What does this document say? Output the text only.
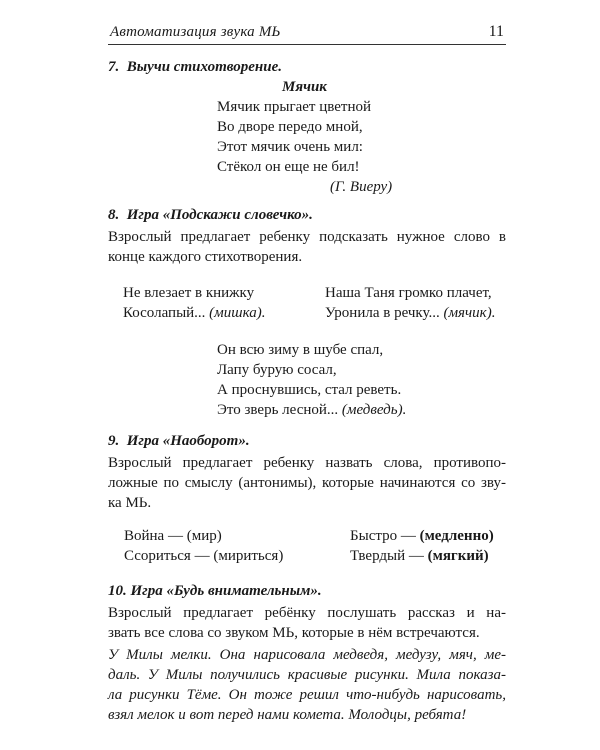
Автоматизация звука МЬ	11
7. Выучи стихотворение.
Мячик
Мячик прыгает цветной
Во дворе передо мной,
Этот мячик очень мил:
Стёкол он еще не бил!
(Г. Виеру)
8. Игра «Подскажи словечко».
Взрослый предлагает ребенку подсказать нужное слово в
конце каждого стихотворения.
Не влезает в книжку
Косолапый... (мишка).
Наша Таня громко плачет,
Уронила в речку... (мячик).
Он всю зиму в шубе спал,
Лапу бурую сосал,
А проснувшись, стал реветь.
Это зверь лесной... (медведь).
9. Игра «Наоборот».
Взрослый предлагает ребенку назвать слова, противопо-
ложные по смыслу (антонимы), которые начинаются со зву-
ка МЬ.
Война — (мир)
Ссориться — (мириться)
Быстро — (медленно)
Твердый — (мягкий)
10. Игра «Будь внимательным».
Взрослый предлагает ребёнку послушать рассказ и на-
звать все слова со звуком МЬ, которые в нём встречаются.
У Милы мелки. Она нарисовала медведя, медузу, мяч, ме-
даль. У Милы получились красивые рисунки. Мила показа-
ла рисунки Тёме. Он тоже решил что-нибудь нарисовать,
взял мелок и вот перед нами комета. Молодцы, ребята!
